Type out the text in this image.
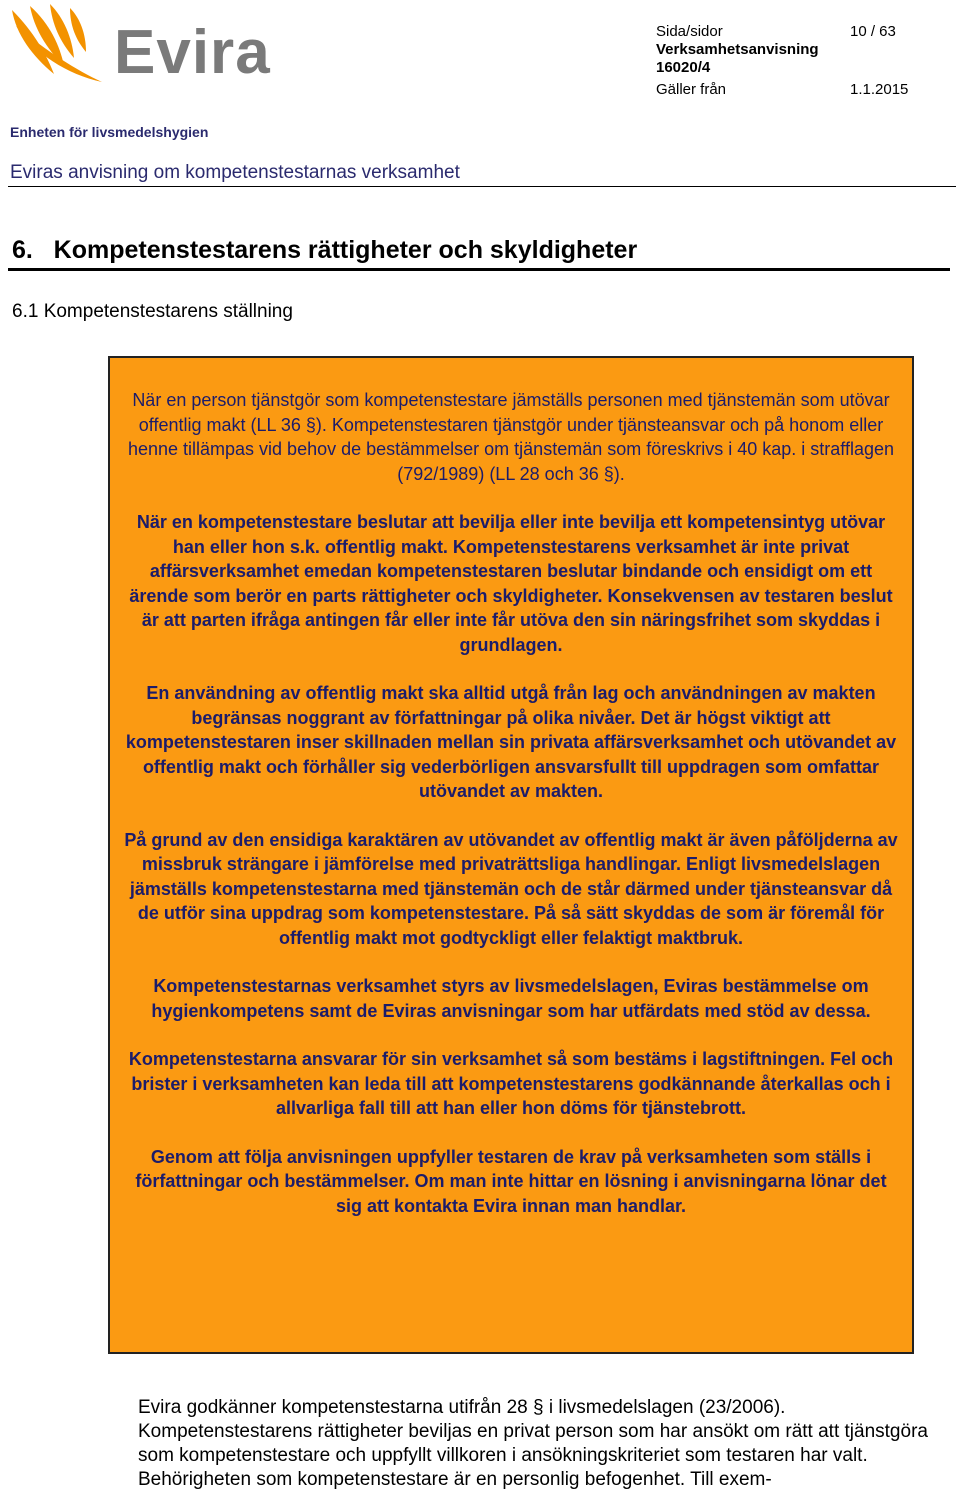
Evira	Sida/sidor	10 / 63
Verksamhetsanvisning
16020/4
Gäller från	1.1.2015
Enheten för livsmedelshygien
Eviras anvisning om kompetenstestarnas verksamhet
6.   Kompetenstestarens rättigheter och skyldigheter
6.1 Kompetenstestarens ställning

När en person tjänstgör som kompetenstestare jämställs personen med tjänstemän som utövar offentlig makt (LL 36 §). Kompetenstestaren tjänstgör under tjänsteansvar och på honom eller henne tillämpas vid behov de bestämmelser om tjänstemän som föreskrivs i 40 kap. i strafflagen (792/1989) (LL 28 och 36 §).

När en kompetenstestare beslutar att bevilja eller inte bevilja ett kompetensintyg utövar han eller hon s.k. offentlig makt. Kompetenstestarens verksamhet är inte privat affärsverksamhet emedan kompetenstestaren beslutar bindande och ensidigt om ett ärende som berör en parts rättigheter och skyldigheter. Konsekvensen av testaren beslut är att parten ifråga antingen får eller inte får utöva den sin näringsfrihet som skyddas i grundlagen.

En användning av offentlig makt ska alltid utgå från lag och användningen av makten begränsas noggrant av författningar på olika nivåer. Det är högst viktigt att kompetenstestaren inser skillnaden mellan sin privata affärsverksamhet och utövandet av offentlig makt och förhåller sig vederbörligen ansvarsfullt till uppdragen som omfattar utövandet av makten.

På grund av den ensidiga karaktären av utövandet av offentlig makt är även påföljderna av missbruk strängare i jämförelse med privaträttsliga handlingar. Enligt livsmedelslagen jämställs kompetenstestarna med tjänstemän och de står därmed under tjänsteansvar då de utför sina uppdrag som kompetenstestare. På så sätt skyddas de som är föremål för offentlig makt mot godtyckligt eller felaktigt maktbruk.

Kompetenstestarnas verksamhet styrs av livsmedelslagen, Eviras bestämmelse om hygienkompetens samt de Eviras anvisningar som har utfärdats med stöd av dessa.

Kompetenstestarna ansvarar för sin verksamhet så som bestäms i lagstiftningen. Fel och brister i verksamheten kan leda till att kompetenstestarens godkännande återkallas och i allvarliga fall till att han eller hon döms för tjänstebrott.

Genom att följa anvisningen uppfyller testaren de krav på verksamheten som ställs i författningar och bestämmelser. Om man inte hittar en lösning i anvisningarna lönar det sig att kontakta Evira innan man handlar.

Evira godkänner kompetenstestarna utifrån 28 § i livsmedelslagen (23/2006). Kompetenstestarens rättigheter beviljas en privat person som har ansökt om rätt att tjänstgöra som kompetenstestare och uppfyllt villkoren i ansökningskriteriet som testaren har valt. Behörigheten som kompetenstestare är en personlig befogenhet. Till exem-
